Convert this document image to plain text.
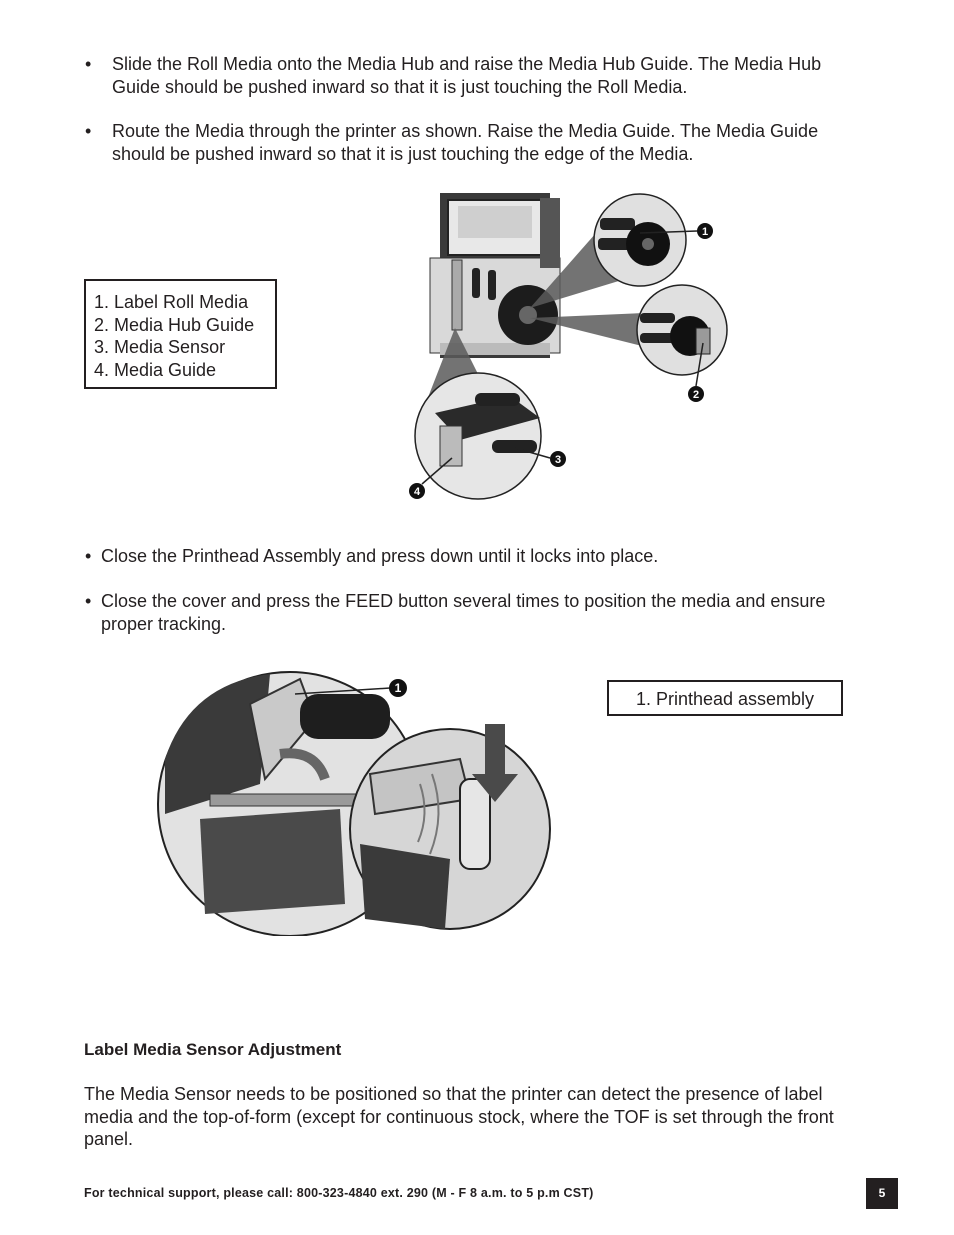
• Slide the Roll Media onto the Media Hub and raise the Media Hub Guide. The Media Hub Guide should be pushed inward so that it is just touching the Roll Media.
• Route the Media through the printer as shown. Raise the Media Guide. The Media Guide should be pushed inward so that it is just touching the edge of the Media.
1. Label Roll Media
2. Media Hub Guide
3. Media Sensor
4. Media Guide
1
2
3
4
• Close the Printhead Assembly and press down until it locks into place.
• Close the cover and press the FEED button several times to position the media and ensure proper tracking.
1
1. Printhead assembly
Label Media Sensor Adjustment
The Media Sensor needs to be positioned so that the printer can detect the presence of label media and the top-of-form (except for continuous stock, where the TOF is set through the front panel.
For technical support, please call: 800-323-4840 ext. 290 (M - F 8 a.m. to 5 p.m CST)	5
